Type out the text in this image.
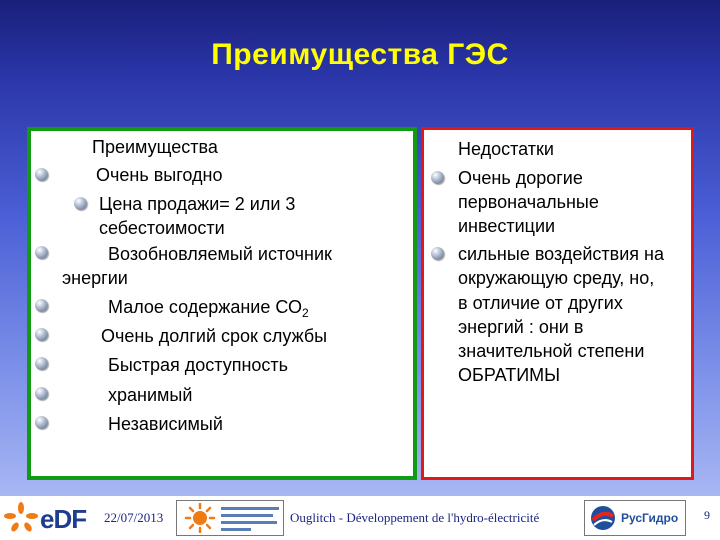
Преимущества ГЭС
Преимущества
Очень выгодно
Цена продажи= 2 или 3
себестоимости
Возобновляемый источник
энергии
Малое содержание $СО_2$
Очень долгий срок службы
Быстрая доступность
хранимый
Независимый
Недостатки
Очень дорогие
первоначальные
инвестиции
сильные воздействия на
окружающую среду, но,
в отличие от других
энергий : они в
значительной степени
ОБРАТИМЫ
eDF 22/07/2013	Ouglitch - Développement de l'hydro-électricité	РусГидро 9
